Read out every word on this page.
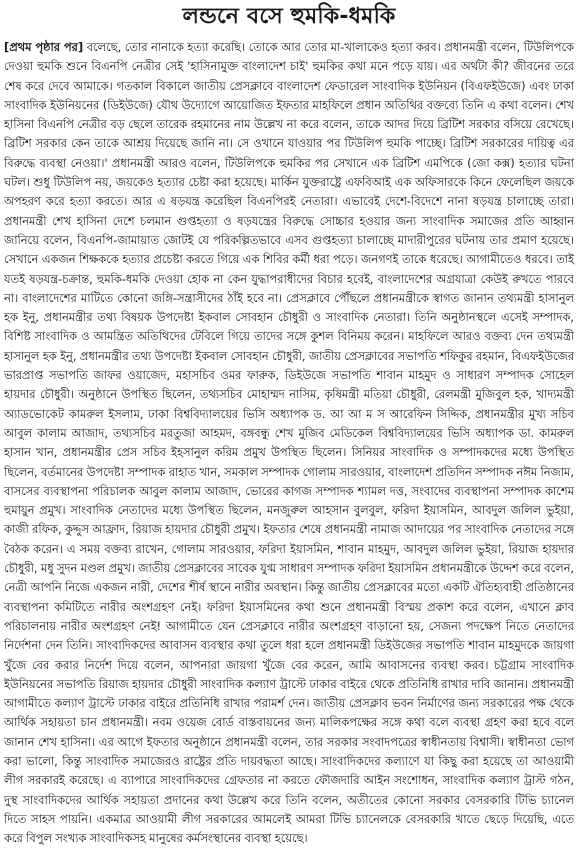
লন্ডনে বসে হুমকি-ধমকি

[প্রথম পৃষ্ঠার পর] বলেছে, তোর নানাকে হত্যা করেছি। তোকে আর তোর মা-খালাকেও হত্যা করব। প্রধানমন্ত্রী বলেন, টিউলিপকে দেওয়া হুমকি শুনে বিএনপি নেত্রীর সেই 'হাসিনামুক্ত বাংলাদেশ চাই' হুমকির কথা মনে পড়ে যায়। এর অর্থটা কী? জীবনের তরে শেষ করে দেবে আমাকে। গতকাল বিকালে জাতীয় প্রেসক্লাবে বাংলাদেশ ফেডারেল সাংবাদিক ইউনিয়ন (বিএফইউজে) এবং ঢাকা সাংবাদিক ইউনিয়নের (ডিইউজে) যৌথ উদ্যোগে আয়োজিত ইফতার মাহফিলে প্রধান অতিথির বক্তব্যে তিনি এ কথা বলেন। শেখ হাসিনা বিএনপি নেত্রীর বড় ছেলে তারেক রহমানের নাম উল্লেখ না করে বলেন, তাকে আদর দিয়ে ব্রিটিশ সরকার বসিয়ে রেখেছে। ব্রিটিশ সরকার কেন তাকে আশ্রয় দিয়েছে জানি না। সে ওখানে যাওয়ার পর টিউলিপ হুমকি পাচ্ছে। ব্রিটিশ সরকারের দায়িত্ব এর বিরুদ্ধে ব্যবস্থা নেওয়া।' প্রধানমন্ত্রী আরও বলেন, টিউলিপকে হুমকির পর সেখানে এক ব্রিটিশ এমপিকে (জো কক্স) হত্যার ঘটনা ঘটল। শুধু টিউলিপ নয়, জয়কেও হত্যার চেষ্টা করা হয়েছে। মার্কিন যুক্তরাষ্ট্রে এফবিআই এক অফিসারকে কিনে ফেলেছিল জয়কে অপহরণ করে হত্যা করতে। আর এ ষড়যন্ত্র করেছিল বিএনপিরই নেতারা। এভাবেই দেশে-বিদেশে নানা ষড়যন্ত্র চালাচ্ছে তারা। প্রধানমন্ত্রী শেখ হাসিনা দেশে চলমান গুপ্তহত্যা ও ষড়যন্ত্রের বিরুদ্ধে সোচ্চার হওয়ার জন্য সাংবাদিক সমাজের প্রতি আহ্বান জানিয়ে বলেন, বিএনপি-জামায়াত জোটই যে পরিকল্পিতভাবে এসব গুপ্তহত্যা চালাচ্ছে মাদারীপুরের ঘটনায় তার প্রমাণ হয়েছে। সেখানে একজন শিক্ষককে হত্যার প্রচেষ্টা করতে গিয়ে এক শিবির কর্মী ধরা পড়ে। জনগণই তাকে ধরেছে। আগামীতেও ধরবে। তাই যতই ষড়যন্ত্র-চক্রান্ত, হুমকি-ধমকি দেওয়া হোক না কেন যুদ্ধাপরাধীদের বিচার হবেই, বাংলাদেশের অগ্রযাত্রা কেউই রুখতে পারবে না। বাংলাদেশের মাটিতে কোনো জঙ্গি-সন্ত্রাসীদের ঠাঁই হবে না। প্রেসক্লাবে পৌঁছলে প্রধানমন্ত্রীকে স্বাগত জানান তথ্যমন্ত্রী হাসানুল হক ইনু, প্রধানমন্ত্রীর তথ্য বিষয়ক উপদেষ্টা ইকবাল সোবহান চৌধুরী ও সাংবাদিক নেতারা। তিনি অনুষ্ঠানস্থলে এসেই সম্পাদক, বিশিষ্ট সাংবাদিক ও আমন্ত্রিত অতিথিদের টেবিলে গিয়ে তাদের সঙ্গে কুশল বিনিময় করেন। মাহফিলে আরও বক্তব্য দেন তথ্যমন্ত্রী হাসানুল হক ইনু, প্রধানমন্ত্রীর তথ্য উপদেষ্টা ইকবাল সোবহান চৌধুরী, জাতীয় প্রেসক্লাবের সভাপতি শফিকুর রহমান, বিএফইউজের ভারপ্রাপ্ত সভাপতি জাফর ওয়াজেদ, মহাসচিব ওমর ফারুক, ডিইউজে সভাপতি শাবান মাহমুদ ও সাধারণ সম্পাদক সোহেল হায়দার চৌধুরী। অনুষ্ঠানে উপস্থিত ছিলেন, তথ্যসচিব মোহাম্মদ নাসিম, কৃষিমন্ত্রী মতিয়া চৌধুরী, রেলমন্ত্রী মুজিবুল হক, খাদ্যমন্ত্রী অ্যাডভোকেট কামরুল ইসলাম, ঢাকা বিশ্ববিদ্যালয়ের ভিসি অধ্যাপক ড. আ আ ম স আরেফিন সিদ্দিক, প্রধানমন্ত্রীর মুখ্য সচিব আবুল কালাম আজাদ, তথ্যসচিব মরতুজা আহমদ, বঙ্গবন্ধু শেখ মুজিব মেডিকেল বিশ্ববিদ্যালয়ের ভিসি অধ্যাপক ডা. কামরুল হাসান খান, প্রধানমন্ত্রীর প্রেস সচিব ইহসানুল করিম প্রমুখ উপস্থিত ছিলেন। সিনিয়র সাংবাদিক ও সম্পাদকদের মধ্যে উপস্থিত ছিলেন, বর্তমানের উপদেষ্টা সম্পাদক রাহাত খান, সমকাল সম্পাদক গোলাম সারওয়ার, বাংলাদেশ প্রতিদিন সম্পাদক নঈম নিজাম, বাসসের ব্যবস্থাপনা পরিচালক আবুল কালাম আজাদ, ভোরের কাগজ সম্পাদক শ্যামল দত্ত, সংবাদের ব্যবস্থাপনা সম্পাদক কাশেম হুমায়ুন প্রমুখ। সাংবাদিক নেতাদের মধ্যে উপস্থিত ছিলেন, মনজুরুল আহসান বুলবুল, ফরিদা ইয়াসমিন, আবদুল জলিল ভুইয়া, কাজী রফিক, কুদ্দুস আফ্রাদ, রিয়াজ হায়দার চৌধুরী প্রমুখ। ইফতার শেষে প্রধানমন্ত্রী নামাজ আদায়ের পর সাংবাদিক নেতাদের সঙ্গে বৈঠক করেন। এ সময় বক্তব্য রাখেন, গোলাম সারওয়ার, ফরিদা ইয়াসমিন, শাবান মাহমুদ, আবদুল জলিল ভুইয়া, রিয়াজ হায়দার চৌধুরী, মধু সুদন মণ্ডল প্রমুখ। জাতীয় প্রেসক্লাবের সাবেক যুগ্ম সাধারণ সম্পাদক ফরিদা ইয়াসমিন প্রধানমন্ত্রীকে উদ্দেশ করে বলেন, নেত্রী আপনি নিজে একজন নারী, দেশের শীর্ষ স্থানে নারীর অবস্থান। কিন্তু জাতীয় প্রেসক্লাবের মতো একটি ঐতিহ্যবাহী প্রতিষ্ঠানের ব্যবস্থাপনা কমিটিতে নারীর অংশগ্রহণ নেই। ফরিদা ইয়াসমিনের কথা শুনে প্রধানমন্ত্রী বিস্ময় প্রকাশ করে বলেন, এখানে ক্লাব পরিচালনায় নারীর অংশগ্রহণ নেই! আগামীতে যেন প্রেসক্লাবে নারীর অংশগ্রহণ বাড়ানো হয়, সেজন্য পদক্ষেপ নিতে নেতাদের নির্দেশনা দেন তিনি। সাংবাদিকদের আবাসন ব্যবস্থার কথা তুলে ধরা হলে প্রধানমন্ত্রী ডিইউজের সভাপতি শাবান মাহমুদকে জায়গা খুঁজে বের করার নির্দেশ দিয়ে বলেন, আপনারা জায়গা খুঁজে বের করেন, আমি আবাসনের ব্যবস্থা করব। চট্টগ্রাম সাংবাদিক ইউনিয়নের সভাপতি রিয়াজ হায়দার চৌধুরী সাংবাদিক কল্যাণ ট্রাস্টে ঢাকার বাইরে থেকে প্রতিনিধি রাখার দাবি জানান। প্রধানমন্ত্রী আগামীতে কল্যাণ ট্রাস্টে ঢাকার বাইরে প্রতিনিধি রাখার পরামর্শ দেন। জাতীয় প্রেসক্লাব ভবন নির্মাণের জন্য সরকারের পক্ষ থেকে আর্থিক সহায়তা চান প্রধানমন্ত্রী। নবম ওয়েজ বোর্ড বাস্তবায়নের জন্য মালিকপক্ষের সঙ্গে কথা বলে ব্যবস্থা গ্রহণ করা হবে বলে জানান শেখ হাসিনা। এর আগে ইফতার অনুষ্ঠানে প্রধানমন্ত্রী বলেন, তার সরকার সংবাদপত্রের স্বাধীনতায় বিশ্বাসী। স্বাধীনতা ভোগ করা ভালো, কিন্তু সাংবাদিক সমাজেরও রাষ্ট্রের প্রতি দায়বদ্ধতা আছে। সাংবাদিকদের কল্যাণে যা কিছু করা হয়েছে তা আওয়ামী লীগ সরকারই করেছে। এ ব্যাপারে সাংবাদিকদের গ্রেফতার না করতে ফৌজদারি আইন সংশোধন, সাংবাদিক কল্যাণ ট্রাস্ট গঠন, দুস্থ সাংবাদিকদের আর্থিক সহায়তা প্রদানের কথা উল্লেখ করে তিনি বলেন, অতীতের কোনো সরকার বেসরকারি টিভি চ্যানেল দিতে সাহস পায়নি। একমাত্র আওয়ামী লীগ সরকারের আমলেই আমরা টিভি চ্যানেলকে বেসরকারি খাতে ছেড়ে দিয়েছি, এতে করে বিপুল সংখ্যক সাংবাদিকসহ মানুষের কর্মসংস্থানের ব্যবস্থা হয়েছে।
